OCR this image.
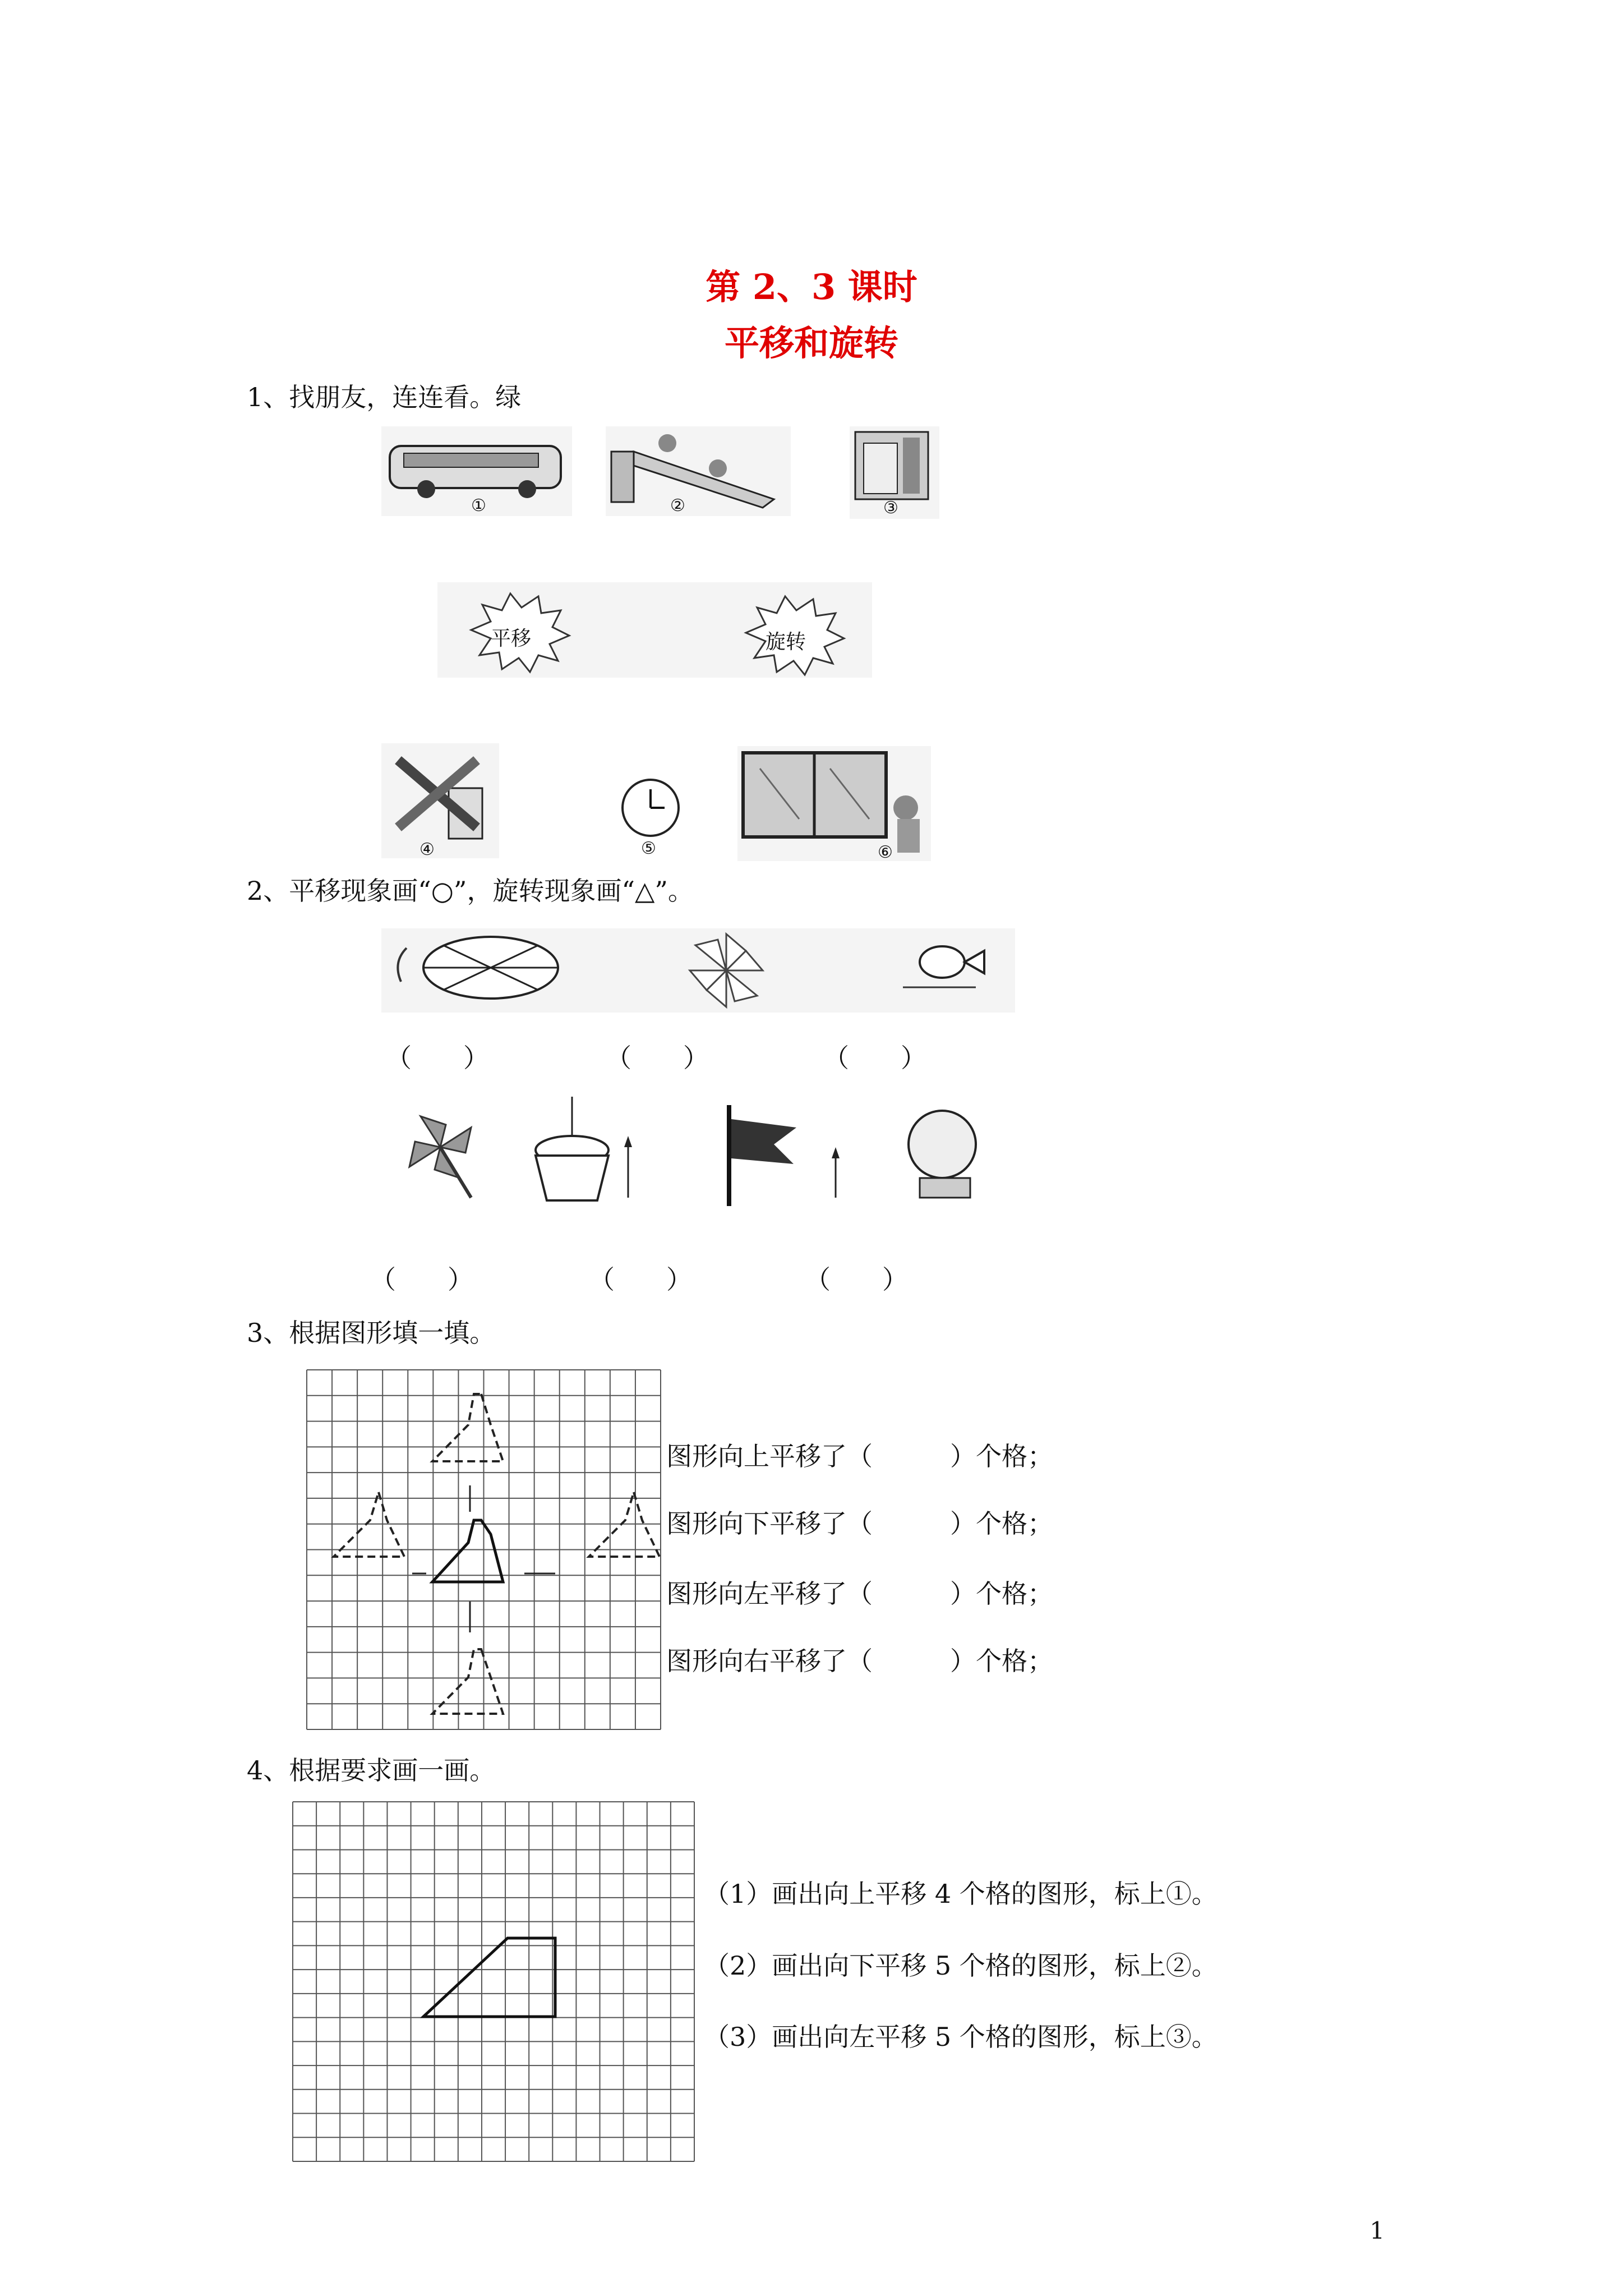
第 2、3 课时
平移和旋转
1、找朋友，连连看。绿
①	②	③
平移	旋转
④	⑤	⑥
2、平移现象画“○”，旋转现象画“△”。
（　　）	（　　）	（　　）
（　　）	（　　）	（　　）
3、根据图形填一填。
图形向上平移了（　　　）个格；
图形向下平移了（　　　）个格；
图形向左平移了（　　　）个格；
图形向右平移了（　　　）个格；
4、根据要求画一画。
（1）画出向上平移 4 个格的图形，标上①。
（2）画出向下平移 5 个格的图形，标上②。
（3）画出向左平移 5 个格的图形，标上③。
1
